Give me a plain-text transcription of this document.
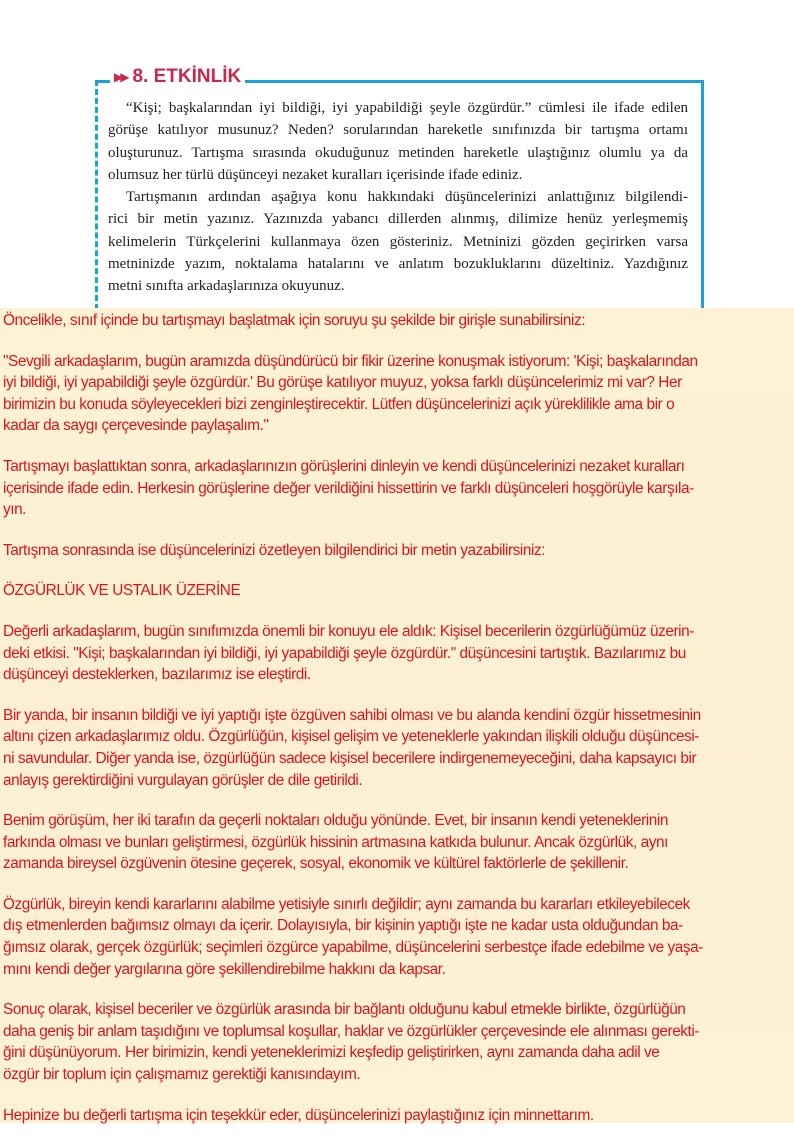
▶▶ 8. ETKİNLİK
“Kişi; başkalarından iyi bildiği, iyi yapabildiği şeyle özgürdür.” cümlesi ile ifade edilen
görüşe katılıyor musunuz? Neden? sorularından hareketle sınıfınızda bir tartışma ortamı
oluşturunuz. Tartışma sırasında okuduğunuz metinden hareketle ulaştığınız olumlu ya da
olumsuz her türlü düşünceyi nezaket kuralları içerisinde ifade ediniz.
Tartışmanın ardından aşağıya konu hakkındaki düşüncelerinizi anlattığınız bilgilendi-
rici bir metin yazınız. Yazınızda yabancı dillerden alınmış, dilimize henüz yerleşmemiş
kelimelerin Türkçelerini kullanmaya özen gösteriniz. Metninizi gözden geçirirken varsa
metninizde yazım, noktalama hatalarını ve anlatım bozukluklarını düzeltiniz. Yazdığınız
metni sınıfta arkadaşlarınıza okuyunuz.
Öncelikle, sınıf içinde bu tartışmayı başlatmak için soruyu şu şekilde bir girişle sunabilirsiniz:
"Sevgili arkadaşlarım, bugün aramızda düşündürücü bir fikir üzerine konuşmak istiyorum: 'Kişi; başkalarından
iyi bildiği, iyi yapabildiği şeyle özgürdür.' Bu görüşe katılıyor muyuz, yoksa farklı düşüncelerimiz mi var? Her
birimizin bu konuda söyleyecekleri bizi zenginleştirecektir. Lütfen düşüncelerinizi açık yüreklilikle ama bir o
kadar da saygı çerçevesinde paylaşalım."
Tartışmayı başlattıktan sonra, arkadaşlarınızın görüşlerini dinleyin ve kendi düşüncelerinizi nezaket kuralları
içerisinde ifade edin. Herkesin görüşlerine değer verildiğini hissettirin ve farklı düşünceleri hoşgörüyle karşıla-
yın.
Tartışma sonrasında ise düşüncelerinizi özetleyen bilgilendirici bir metin yazabilirsiniz:
ÖZGÜRLÜK VE USTALIK ÜZERİNE
Değerli arkadaşlarım, bugün sınıfımızda önemli bir konuyu ele aldık: Kişisel becerilerin özgürlüğümüz üzerin-
deki etkisi. "Kişi; başkalarından iyi bildiği, iyi yapabildiği şeyle özgürdür." düşüncesini tartıştık. Bazılarımız bu
düşünceyi desteklerken, bazılarımız ise eleştirdi.
Bir yanda, bir insanın bildiği ve iyi yaptığı işte özgüven sahibi olması ve bu alanda kendini özgür hissetmesinin
altını çizen arkadaşlarımız oldu. Özgürlüğün, kişisel gelişim ve yeteneklerle yakından ilişkili olduğu düşüncesi-
ni savundular. Diğer yanda ise, özgürlüğün sadece kişisel becerilere indirgenemeyeceğini, daha kapsayıcı bir
anlayış gerektirdiğini vurgulayan görüşler de dile getirildi.
Benim görüşüm, her iki tarafın da geçerli noktaları olduğu yönünde. Evet, bir insanın kendi yeteneklerinin
farkında olması ve bunları geliştirmesi, özgürlük hissinin artmasına katkıda bulunur. Ancak özgürlük, aynı
zamanda bireysel özgüvenin ötesine geçerek, sosyal, ekonomik ve kültürel faktörlerle de şekillenir.
Özgürlük, bireyin kendi kararlarını alabilme yetisiyle sınırlı değildir; aynı zamanda bu kararları etkileyebilecek
dış etmenlerden bağımsız olmayı da içerir. Dolayısıyla, bir kişinin yaptığı işte ne kadar usta olduğundan ba-
ğımsız olarak, gerçek özgürlük; seçimleri özgürce yapabilme, düşüncelerini serbestçe ifade edebilme ve yaşa-
mını kendi değer yargılarına göre şekillendirebilme hakkını da kapsar.
Sonuç olarak, kişisel beceriler ve özgürlük arasında bir bağlantı olduğunu kabul etmekle birlikte, özgürlüğün
daha geniş bir anlam taşıdığını ve toplumsal koşullar, haklar ve özgürlükler çerçevesinde ele alınması gerekti-
ğini düşünüyorum. Her birimizin, kendi yeteneklerimizi keşfedip geliştirirken, aynı zamanda daha adil ve
özgür bir toplum için çalışmamız gerektiği kanısındayım.
Hepinize bu değerli tartışma için teşekkür eder, düşüncelerinizi paylaştığınız için minnettarım.
